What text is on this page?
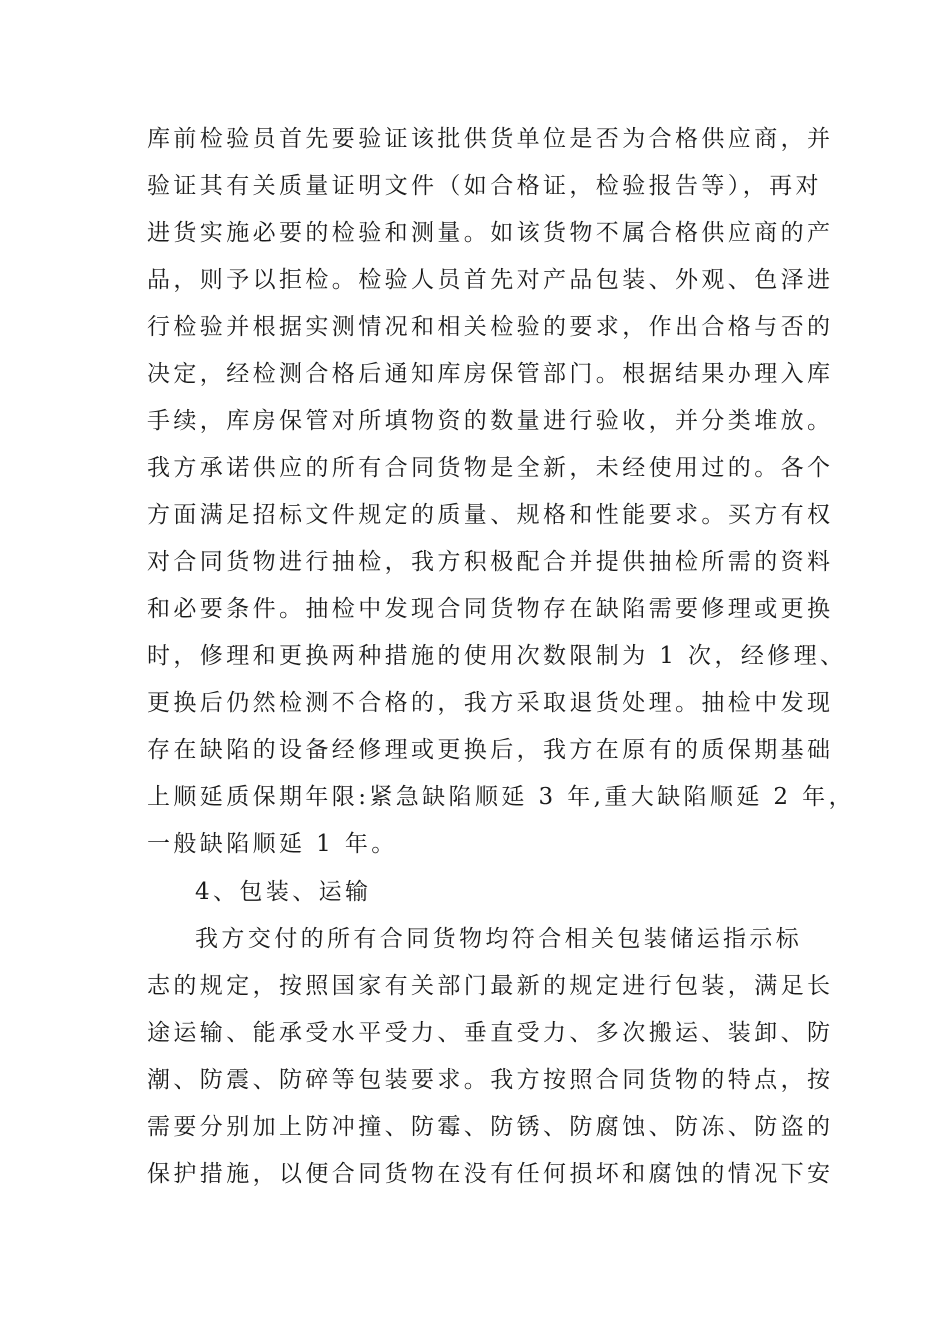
库前检验员首先要验证该批供货单位是否为合格供应商，并
验证其有关质量证明文件（如合格证，检验报告等），再对
进货实施必要的检验和测量。如该货物不属合格供应商的产
品，则予以拒检。检验人员首先对产品包装、外观、色泽进
行检验并根据实测情况和相关检验的要求，作出合格与否的
决定，经检测合格后通知库房保管部门。根据结果办理入库
手续，库房保管对所填物资的数量进行验收，并分类堆放。
我方承诺供应的所有合同货物是全新，未经使用过的。各个
方面满足招标文件规定的质量、规格和性能要求。买方有权
对合同货物进行抽检，我方积极配合并提供抽检所需的资料
和必要条件。抽检中发现合同货物存在缺陷需要修理或更换
时，修理和更换两种措施的使用次数限制为 1 次，经修理、
更换后仍然检测不合格的，我方采取退货处理。抽检中发现
存在缺陷的设备经修理或更换后，我方在原有的质保期基础
上顺延质保期年限:紧急缺陷顺延 3 年,重大缺陷顺延 2 年，
一般缺陷顺延 1 年。
4、包装、运输
我方交付的所有合同货物均符合相关包装储运指示标
志的规定，按照国家有关部门最新的规定进行包装，满足长
途运输、能承受水平受力、垂直受力、多次搬运、装卸、防
潮、防震、防碎等包装要求。我方按照合同货物的特点，按
需要分别加上防冲撞、防霉、防锈、防腐蚀、防冻、防盗的
保护措施，以便合同货物在没有任何损坏和腐蚀的情况下安
